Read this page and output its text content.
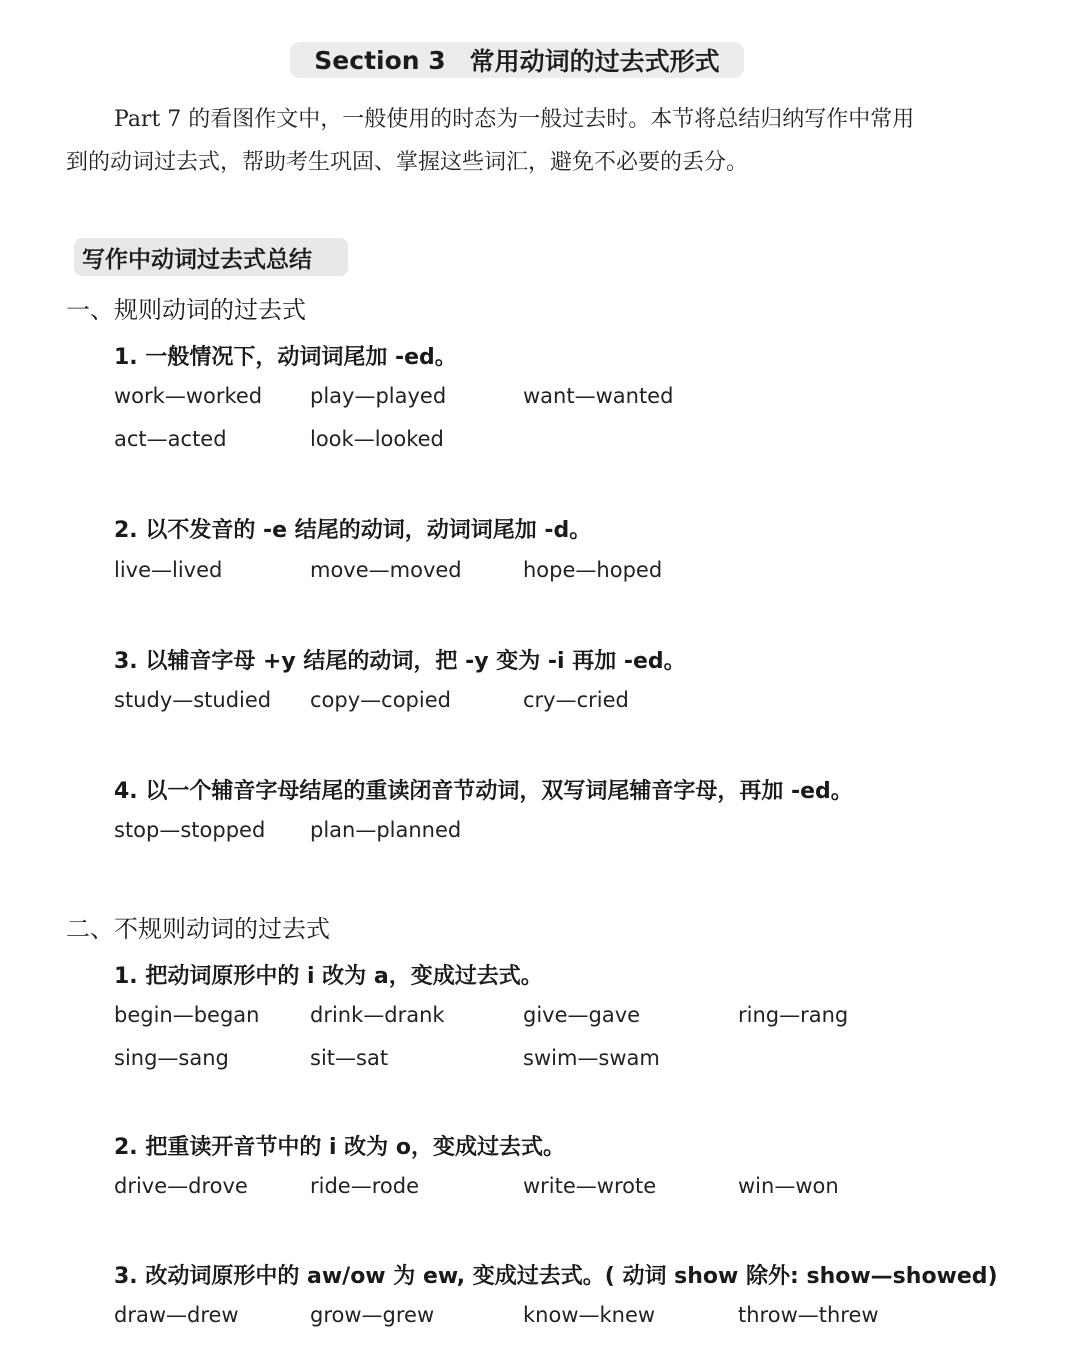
Section 3 常用动词的过去式形式

Part 7 的看图作文中，一般使用的时态为一般过去时。本节将总结归纳写作中常用

到的动词过去式，帮助考生巩固、掌握这些词汇，避免不必要的丢分。

写作中动词过去式总结
一、规则动词的过去式
1. 一般情况下，动词词尾加 -ed。
work—worked play—played	want—wanted
act—acted	look—looked
2. 以不发音的 -e 结尾的动词，动词词尾加 -d。
live—lived	move—moved	hope—hoped
3. 以辅音字母 +y 结尾的动词，把 -y 变为 -i 再加 -ed。
study—studied copy—copied	cry—cried
4. 以一个辅音字母结尾的重读闭音节动词，双写词尾辅音字母，再加 -ed。
stop—stopped plan—planned
二、不规则动词的过去式
1. 把动词原形中的 i 改为 a，变成过去式。
begin—began drink—drank	give—gave	ring—rang
sing—sang	sit—sat	swim—swam
2. 把重读开音节中的 i 改为 o，变成过去式。
drive—drove	ride—rode	write—wrote	win—won
3. 改动词原形中的 aw/ow 为 ew, 变成过去式。( 动词 show 除外: show—showed)
draw—drew	grow—grew	know—knew	throw—threw
